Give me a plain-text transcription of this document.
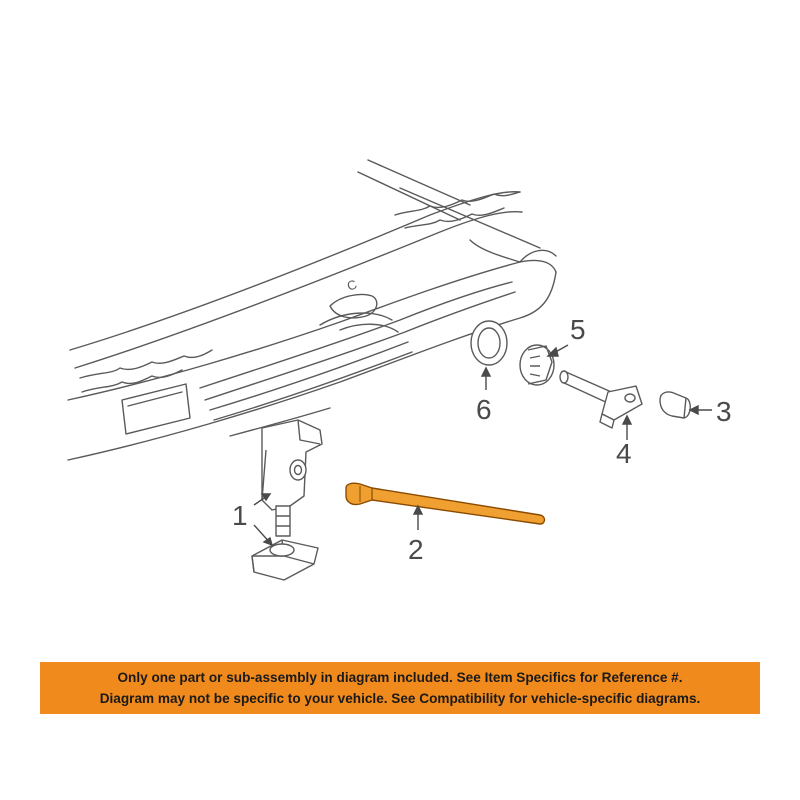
C
1
2
3
4
5
6
Only one part or sub-assembly in diagram included. See Item Specifics for Reference #.
Diagram may not be specific to your vehicle. See Compatibility for vehicle-specific diagrams.
